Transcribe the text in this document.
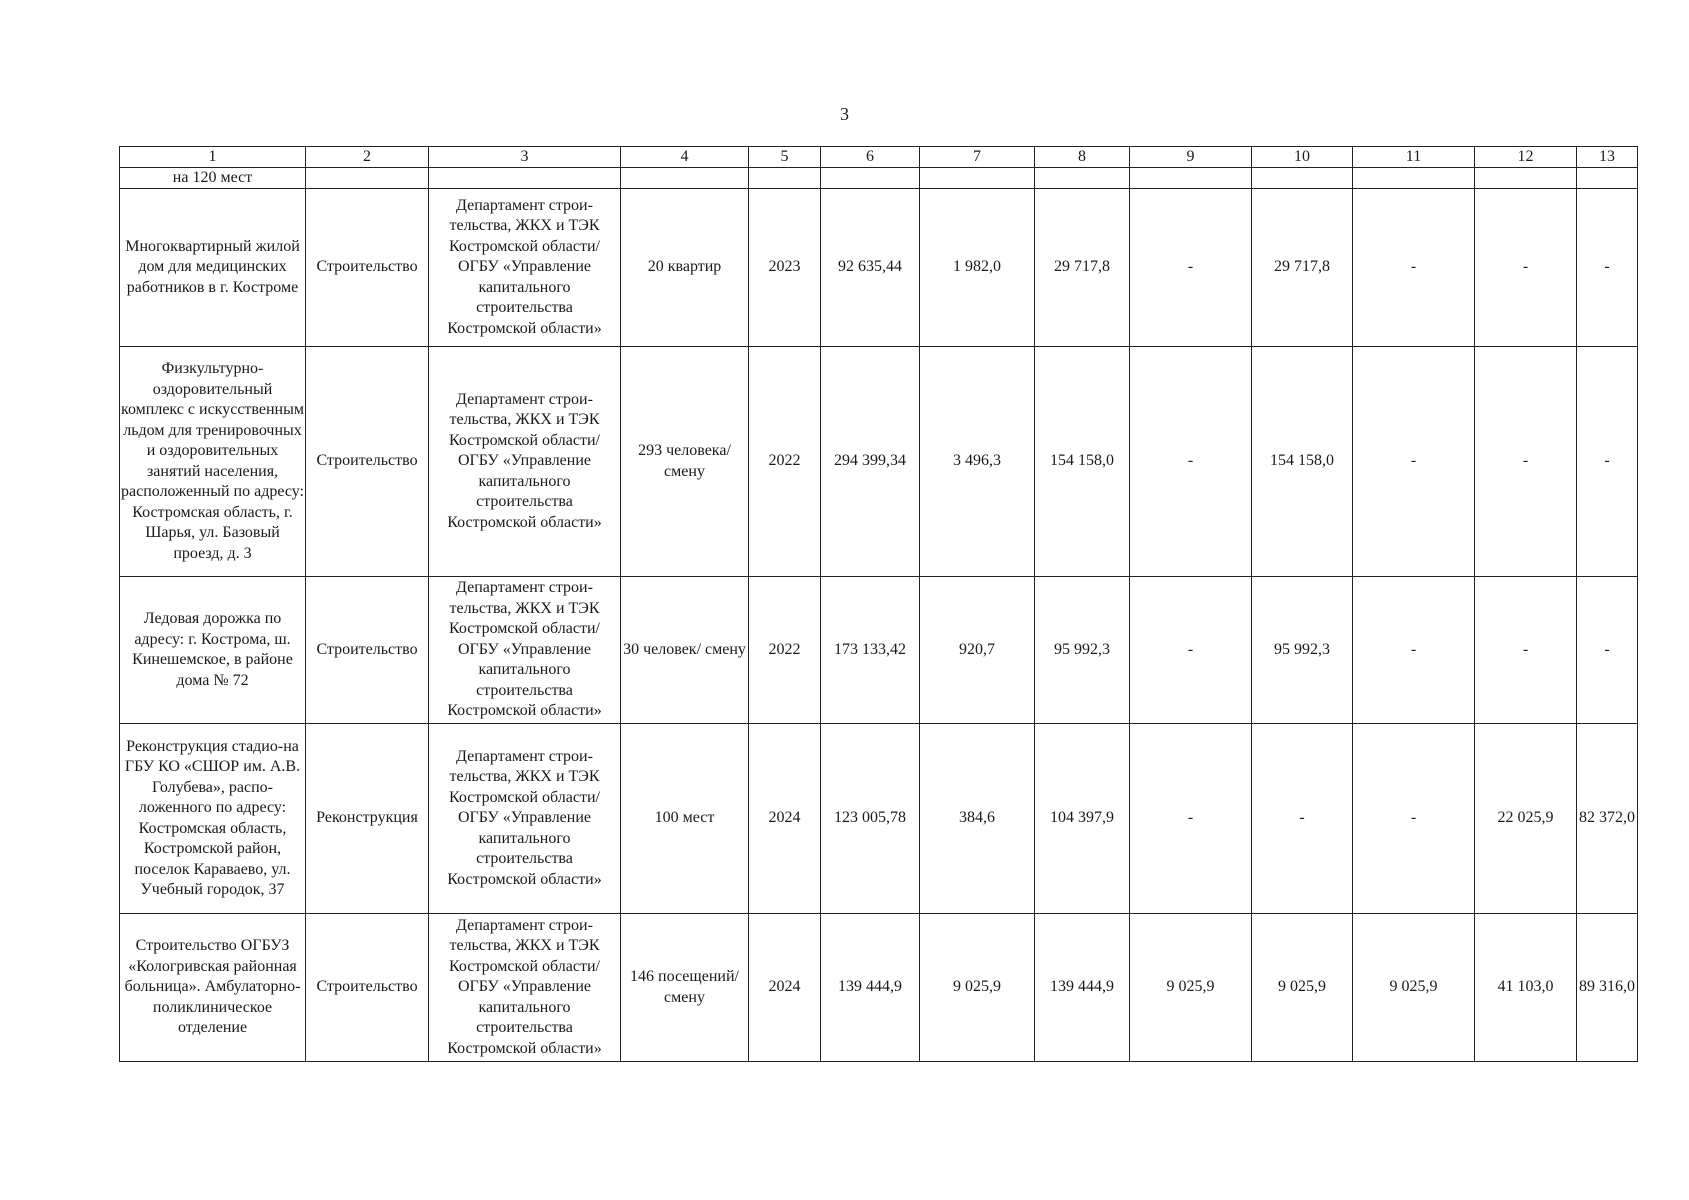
3
1	2	3	4	5	6	7	8	9	10	11	12	13
на 120 мест												
Многоквартирный жилой дом для медицинских работников в г. Костроме	Строительство	Департамент строи-тельства, ЖКХ и ТЭК Костромской области/ ОГБУ «Управление капитального строительства Костромской области»	20 квартир	2023	92 635,44	1 982,0	29 717,8	-	29 717,8	-	-	-
Физкультурно-оздоровительный комплекс с искусственным льдом для тренировочных и оздоровительных занятий населения, расположенный по адресу: Костромская область, г. Шарья, ул. Базовый проезд, д. 3	Строительство	Департамент строи-тельства, ЖКХ и ТЭК Костромской области/ ОГБУ «Управление капитального строительства Костромской области»	293 человека/ смену	2022	294 399,34	3 496,3	154 158,0	-	154 158,0	-	-	-
Ледовая дорожка по адресу: г. Кострома, ш. Кинешемское, в районе дома № 72	Строительство	Департамент строи-тельства, ЖКХ и ТЭК Костромской области/ ОГБУ «Управление капитального строительства Костромской области»	30 человек/ смену	2022	173 133,42	920,7	95 992,3	-	95 992,3	-	-	-
Реконструкция стадио-на ГБУ КО «СШОР им. А.В. Голубева», распо-ложенного по адресу: Костромская область, Костромской район, поселок Караваево, ул. Учебный городок, 37	Реконструкция	Департамент строи-тельства, ЖКХ и ТЭК Костромской области/ ОГБУ «Управление капитального строительства Костромской области»	100 мест	2024	123 005,78	384,6	104 397,9	-	-	-	22 025,9	82 372,0
Строительство ОГБУЗ «Кологривская районная больница». Амбулаторно-поликлиническое отделение	Строительство	Департамент строи-тельства, ЖКХ и ТЭК Костромской области/ ОГБУ «Управление капитального строительства Костромской области»	146 посещений/ смену	2024	139 444,9	9 025,9	139 444,9	9 025,9	9 025,9	9 025,9	41 103,0	89 316,0
